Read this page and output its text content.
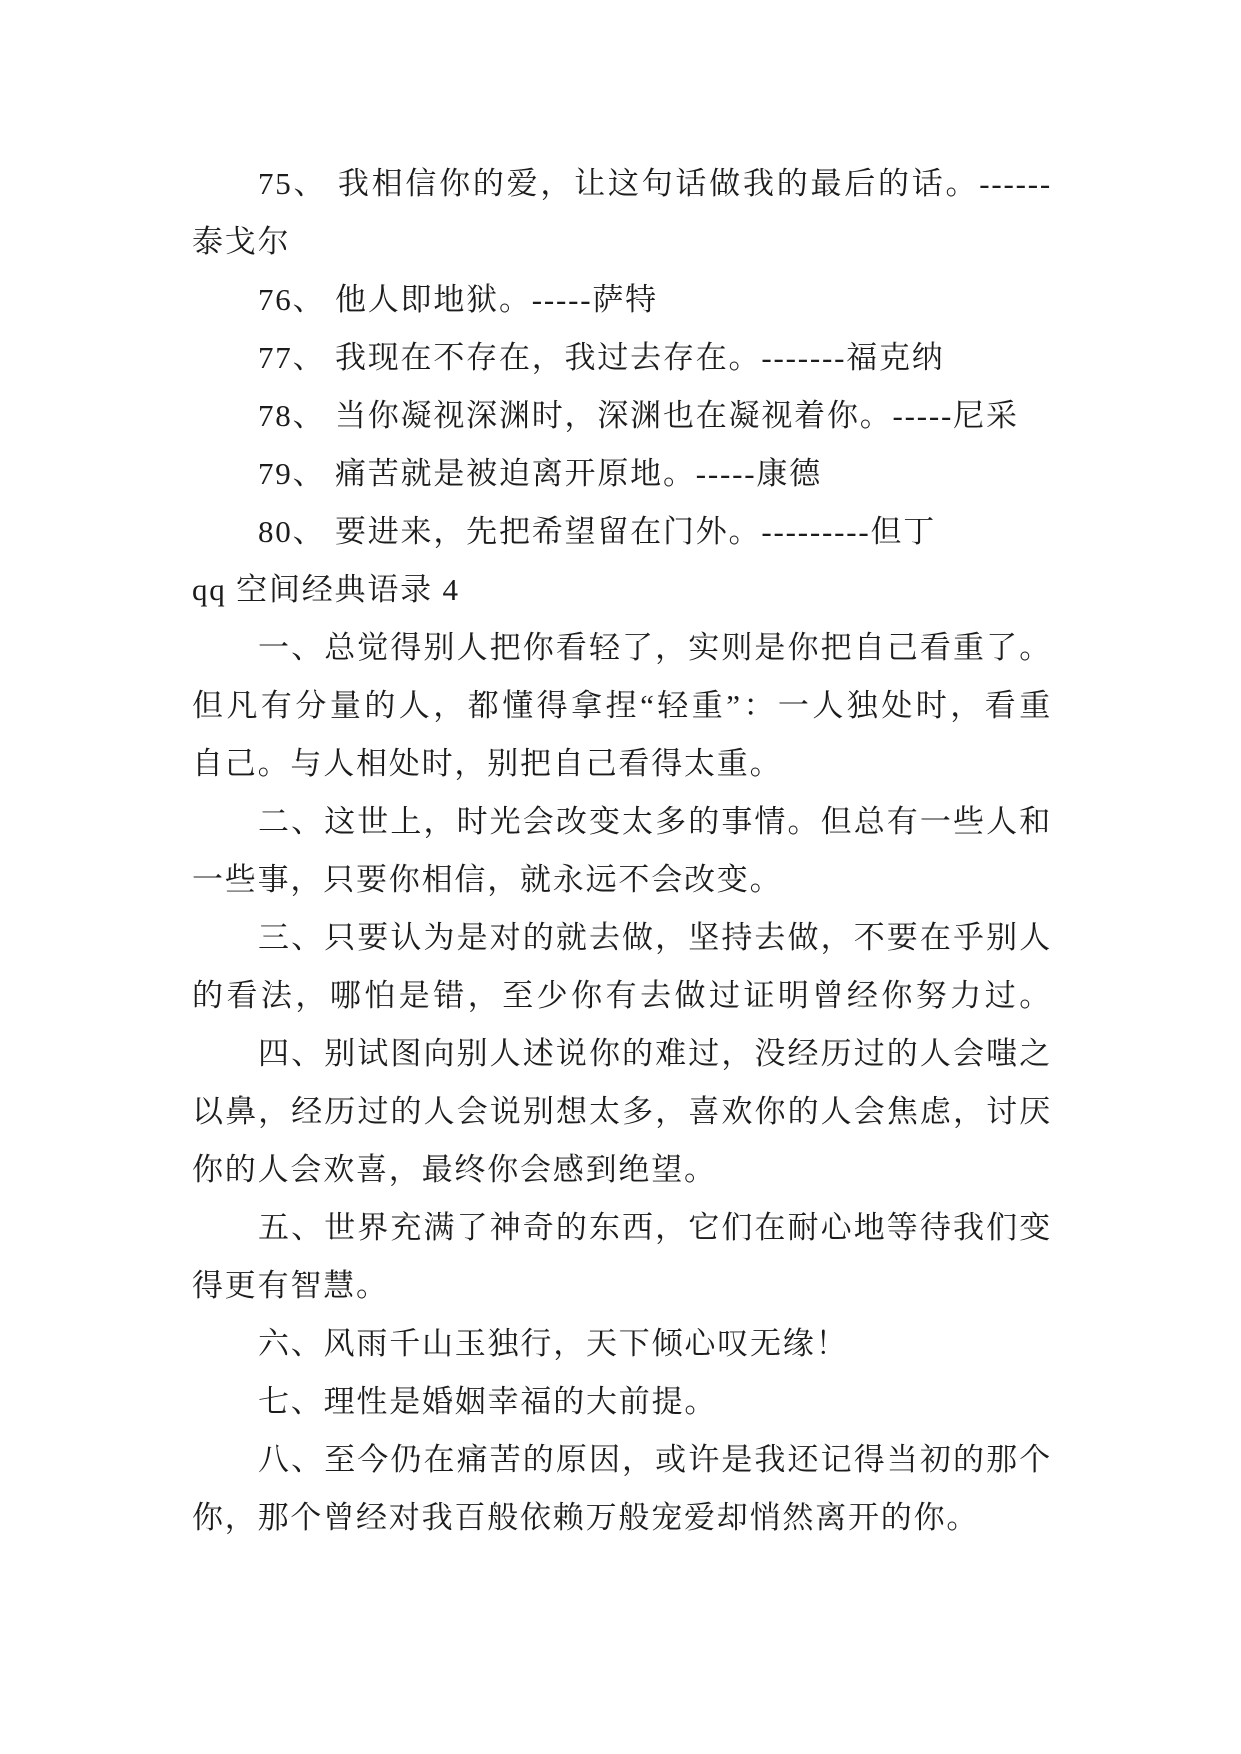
75、 我相信你的爱，让这句话做我的最后的话。------
泰戈尔
76、 他人即地狱。-----萨特
77、 我现在不存在，我过去存在。-------福克纳
78、 当你凝视深渊时，深渊也在凝视着你。-----尼采
79、 痛苦就是被迫离开原地。-----康德
80、 要进来，先把希望留在门外。---------但丁
qq 空间经典语录 4
一、总觉得别人把你看轻了，实则是你把自己看重了。
但凡有分量的人，都懂得拿捏“轻重”：一人独处时，看重
自己。与人相处时，别把自己看得太重。
二、这世上，时光会改变太多的事情。但总有一些人和
一些事，只要你相信，就永远不会改变。
三、只要认为是对的就去做，坚持去做，不要在乎别人
的看法，哪怕是错，至少你有去做过证明曾经你努力过。
四、别试图向别人述说你的难过，没经历过的人会嗤之
以鼻，经历过的人会说别想太多，喜欢你的人会焦虑，讨厌
你的人会欢喜，最终你会感到绝望。
五、世界充满了神奇的东西，它们在耐心地等待我们变
得更有智慧。
六、风雨千山玉独行，天下倾心叹无缘！
七、理性是婚姻幸福的大前提。
八、至今仍在痛苦的原因，或许是我还记得当初的那个
你，那个曾经对我百般依赖万般宠爱却悄然离开的你。
